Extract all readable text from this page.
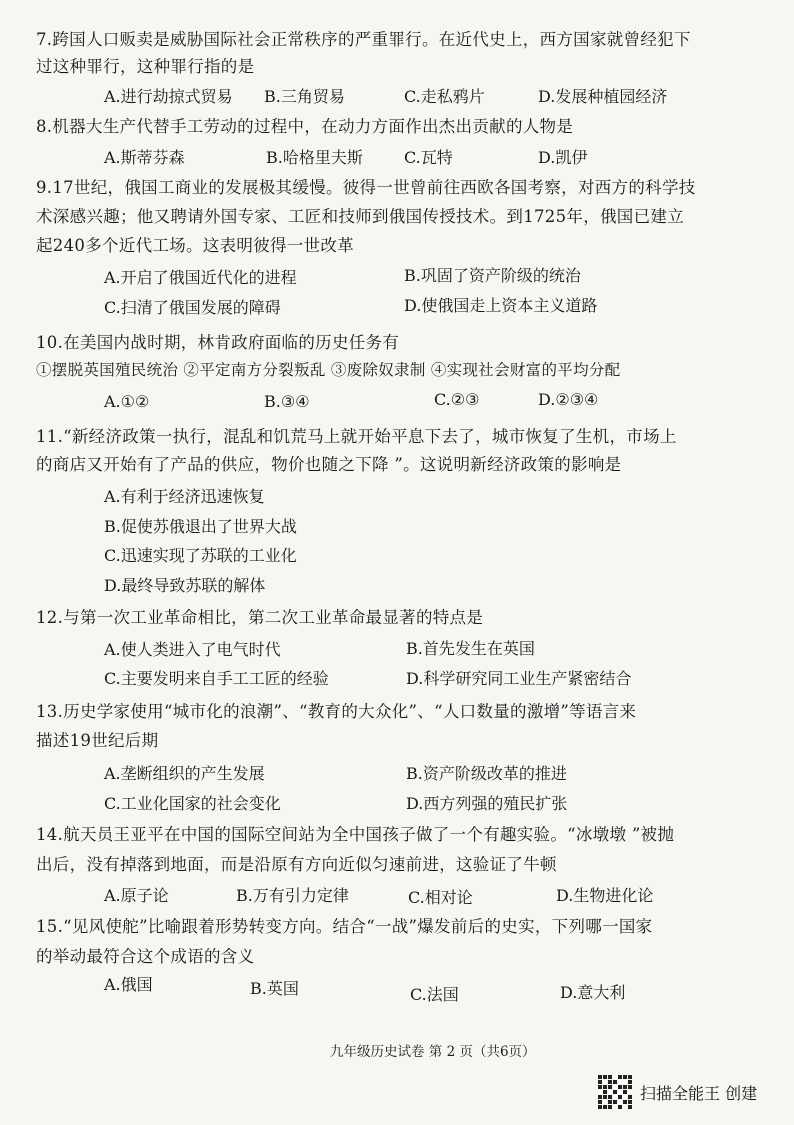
7.跨国人口贩卖是威胁国际社会正常秩序的严重罪行。在近代史上，西方国家就曾经犯下
过这种罪行，这种罪行指的是
A.进行劫掠式贸易 B.三角贸易	C.走私鸦片	D.发展种植园经济
8.机器大生产代替手工劳动的过程中，在动力方面作出杰出贡献的人物是
A.斯蒂芬森	B.哈格里夫斯	C.瓦特	D.凯伊
9.17世纪，俄国工商业的发展极其缓慢。彼得一世曾前往西欧各国考察，对西方的科学技
术深感兴趣；他又聘请外国专家、工匠和技师到俄国传授技术。到1725年，俄国已建立
起240多个近代工场。这表明彼得一世改革
A.开启了俄国近代化的进程	B.巩固了资产阶级的统治
C.扫清了俄国发展的障碍	D.使俄国走上资本主义道路
10.在美国内战时期，林肯政府面临的历史任务有
①摆脱英国殖民统治 ②平定南方分裂叛乱 ③废除奴隶制 ④实现社会财富的平均分配
A.①②	B.③④	C.②③	D.②③④
11.“新经济政策一执行，混乱和饥荒马上就开始平息下去了，城市恢复了生机，市场上
的商店又开始有了产品的供应，物价也随之下降 ”。这说明新经济政策的影响是
A.有利于经济迅速恢复
B.促使苏俄退出了世界大战
C.迅速实现了苏联的工业化
D.最终导致苏联的解体
12.与第一次工业革命相比，第二次工业革命最显著的特点是
A.使人类进入了电气时代	B.首先发生在英国
C.主要发明来自手工工匠的经验	D.科学研究同工业生产紧密结合
13.历史学家使用“城市化的浪潮”、“教育的大众化”、“人口数量的激增”等语言来
描述19世纪后期
A.垄断组织的产生发展	B.资产阶级改革的推进
C.工业化国家的社会变化	D.西方列强的殖民扩张
14.航天员王亚平在中国的国际空间站为全中国孩子做了一个有趣实验。“冰墩墩 ”被抛
出后，没有掉落到地面，而是沿原有方向近似匀速前进，这验证了牛顿
A.原子论	B.万有引力定律	C.相对论	D.生物进化论
15.“见风使舵”比喻跟着形势转变方向。结合“一战”爆发前后的史实，下列哪一国家
的举动最符合这个成语的含义
A.俄国	B.英国	C.法国	D.意大利
九年级历史试卷 第 2 页（共6页）
扫描全能王 创建
